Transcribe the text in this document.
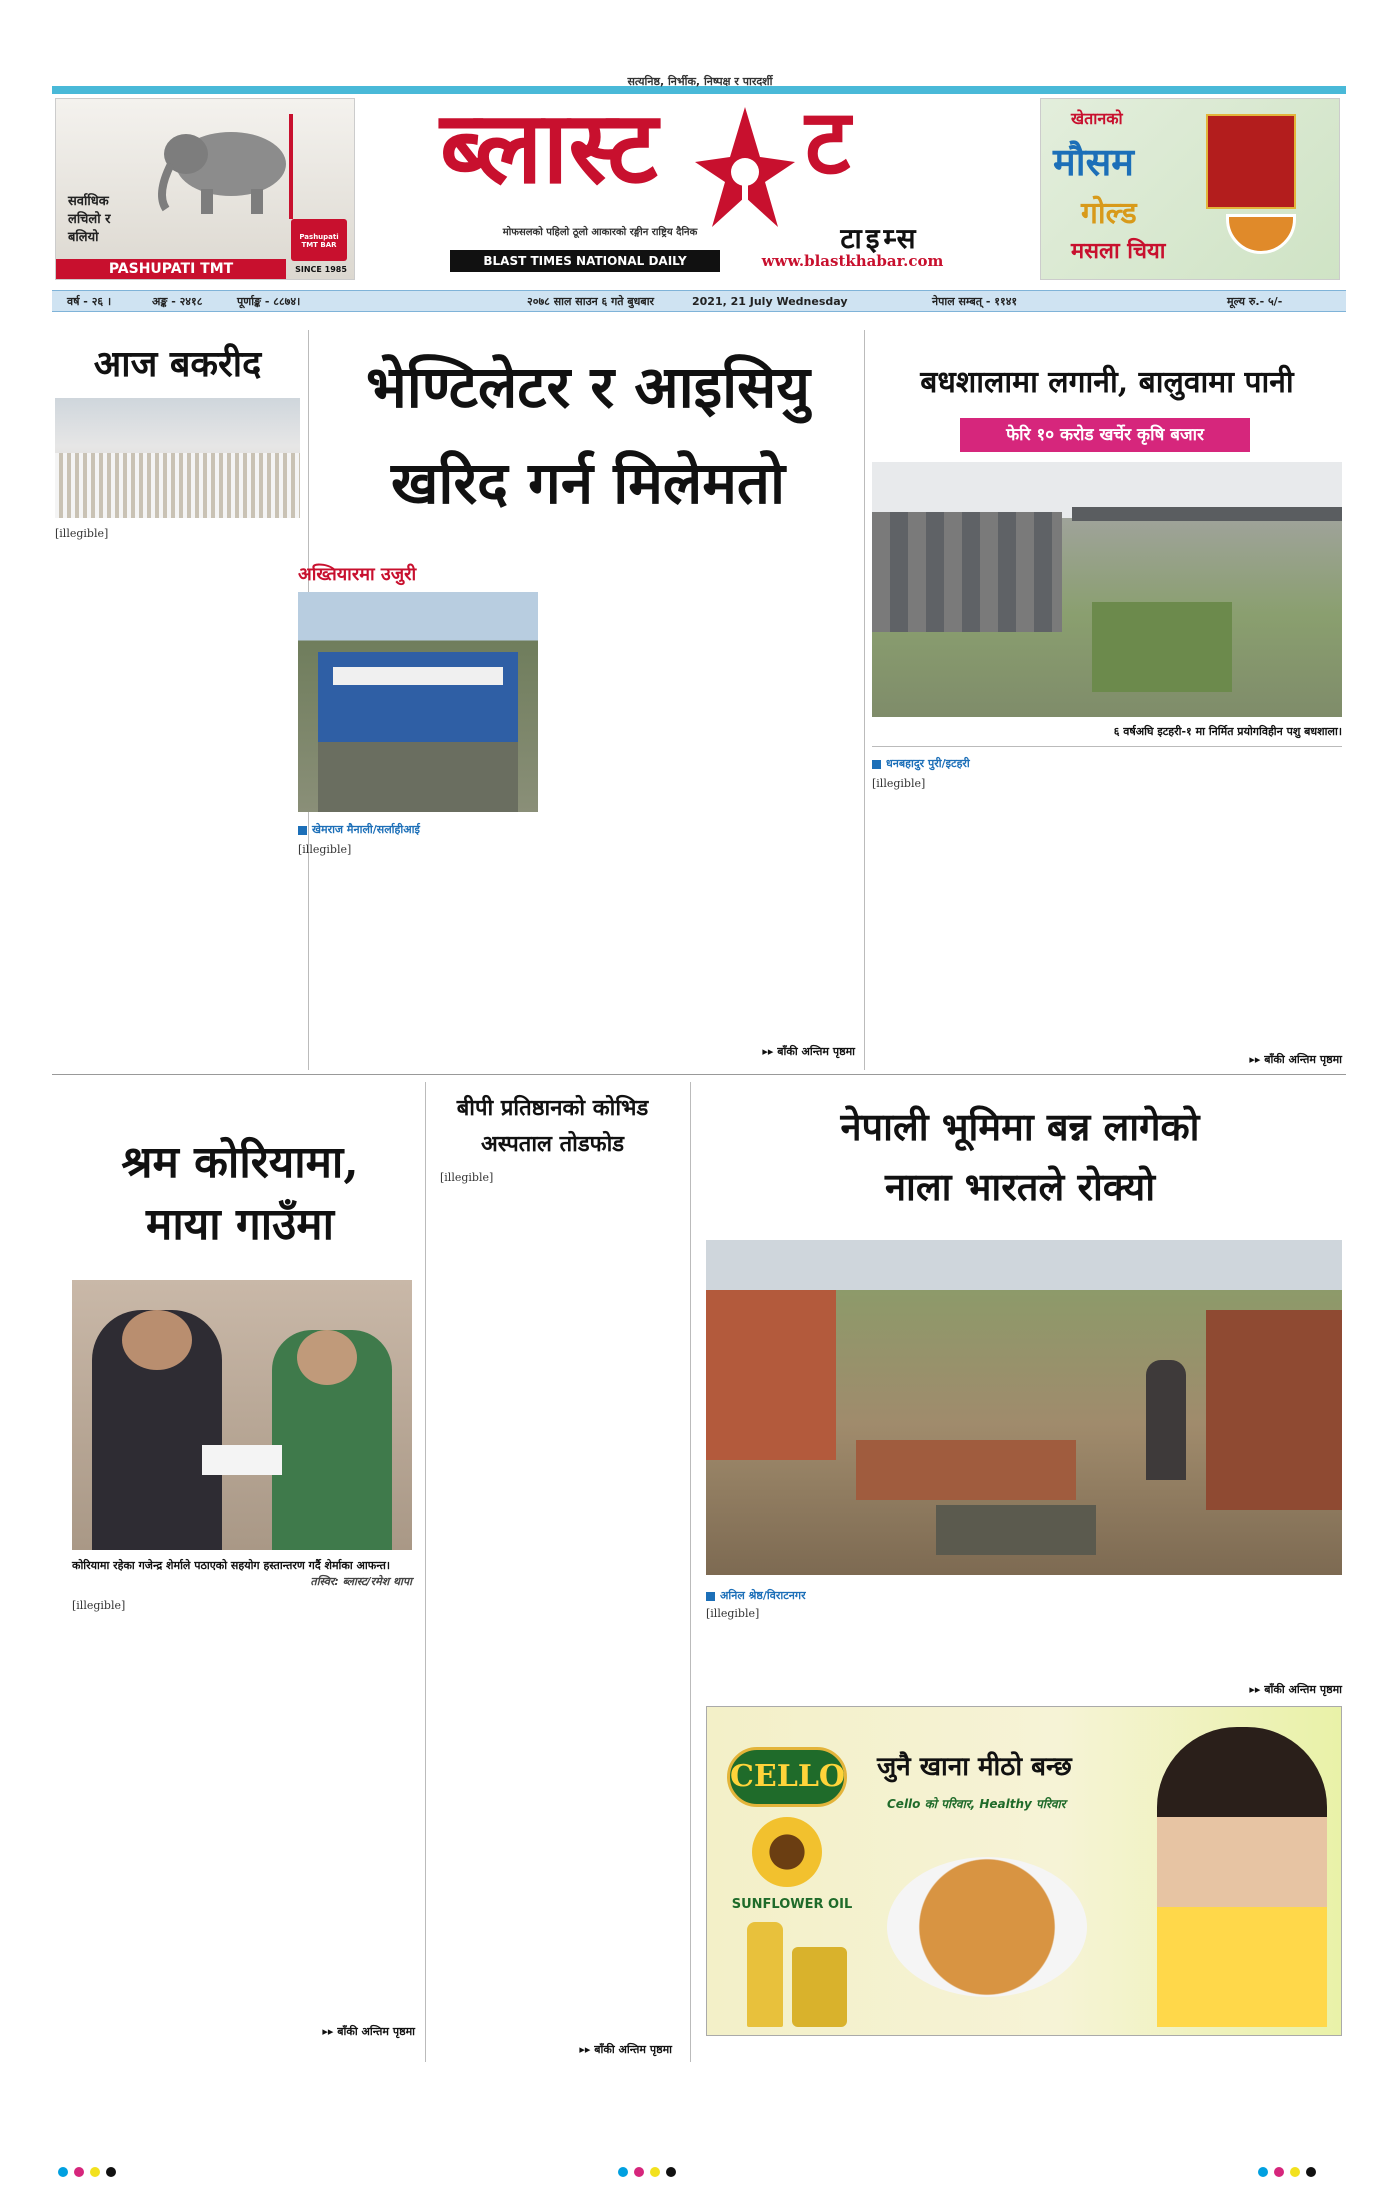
सत्यनिष्ठ, निर्भीक, निष्पक्ष र पारदर्शी
ब्लास्ट	ट
टाइम्स
मोफसलको पहिलो ठूलो आकारको रङ्गीन राष्ट्रिय दैनिक
BLAST TIMES NATIONAL DAILY	www.blastkhabar.com
सर्वाधिक
लचिलो र
बलियो	Pashupati TMT BAR
PASHUPATI TMT	SINCE 1985
खेतानको
मौसम
गोल्ड
मसला चिया
वर्ष - २६ ।	अङ्क - २४१८	पूर्णाङ्क - ८८७४।	२०७८ साल साउन ६ गते बुधबार	2021, 21 July Wednesday	नेपाल सम्बत् - ११४१	मूल्य रु.- ५/-
आज बकरीद
[illegible]
भेण्टिलेटर र आइसियु
खरिद गर्न मिलेमतो
अख्तियारमा उजुरी
खेमराज मैनाली/सर्लाहीआई
[illegible]
▸▸ बाँकी अन्तिम पृष्ठमा
बधशालामा लगानी, बालुवामा पानी
फेरि १० करोड खर्चेर कृषि बजार
६ वर्षअघि इटहरी-१ मा निर्मित प्रयोगविहीन पशु बधशाला।
धनबहादुर पुरी/इटहरी
[illegible]
▸▸ बाँकी अन्तिम पृष्ठमा
श्रम कोरियामा,
माया गाउँमा
कोरियामा रहेका गजेन्द्र शेर्माले पठाएको सहयोग हस्तान्तरण गर्दै शेर्माका आफन्त।
तस्विर: ब्लास्ट/रमेश थापा
[illegible]
▸▸ बाँकी अन्तिम पृष्ठमा
बीपी प्रतिष्ठानको कोभिड
अस्पताल तोडफोड
[illegible]
▸▸ बाँकी अन्तिम पृष्ठमा
नेपाली भूमिमा बन्न लागेको
नाला भारतले रोक्यो
अनिल श्रेष्ठ/विराटनगर
[illegible]
▸▸ बाँकी अन्तिम पृष्ठमा
CELLO
SUNFLOWER OIL
जुनै खाना मीठो बन्छ
Cello को परिवार, Healthy परिवार
